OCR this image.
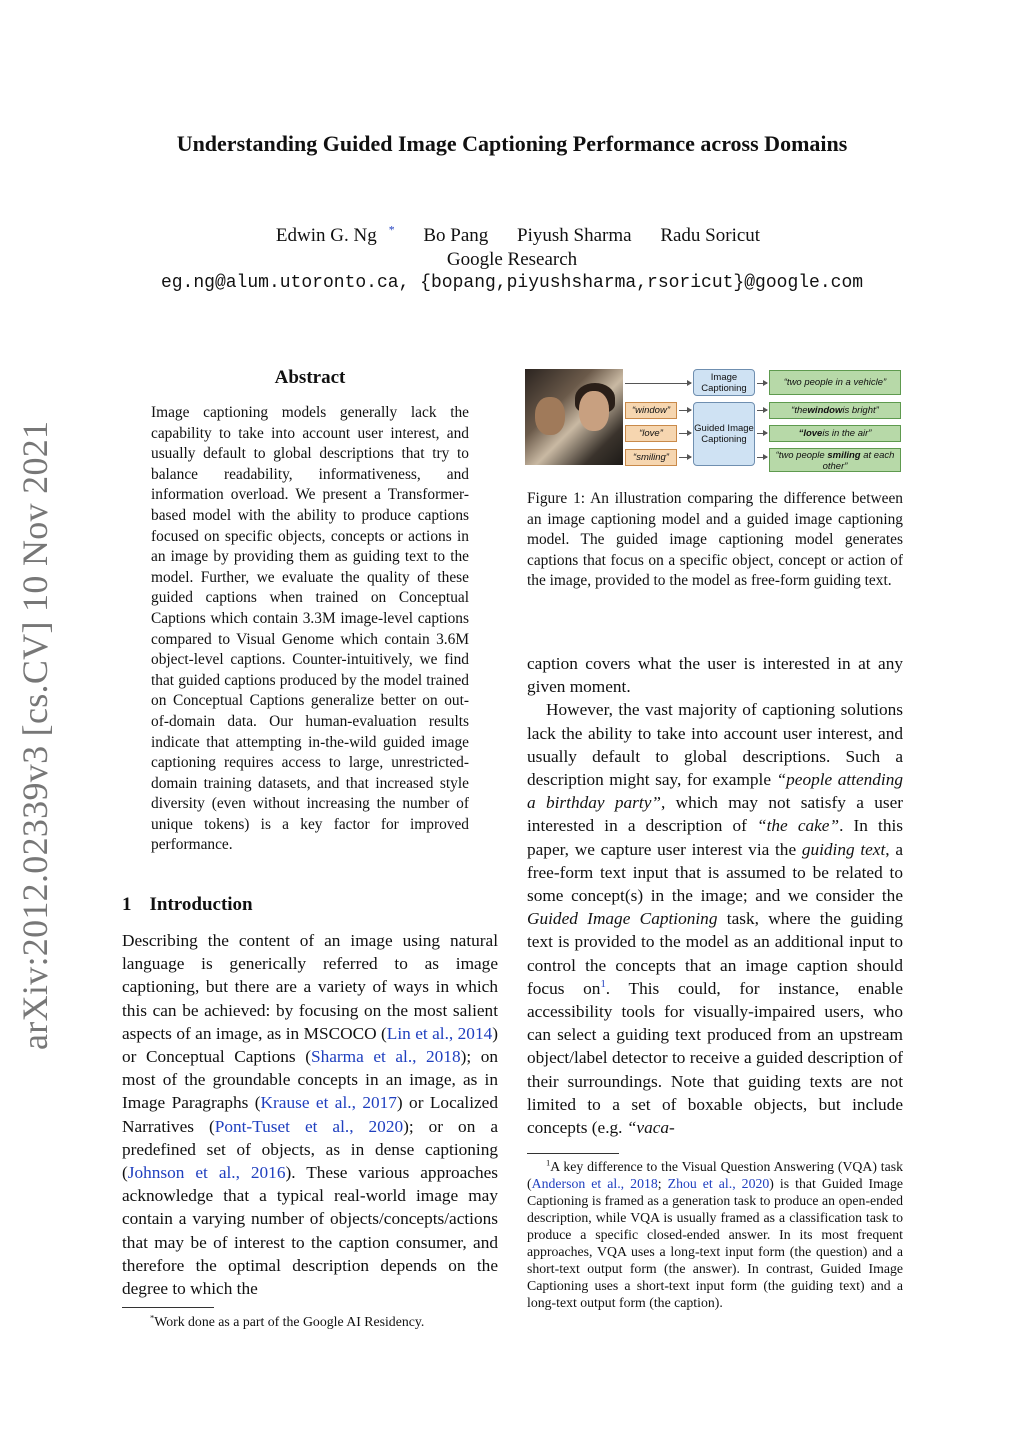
Understanding Guided Image Captioning Performance across Domains
Edwin G. Ng * Bo Pang Piyush Sharma Radu Soricut
Google Research
eg.ng@alum.utoronto.ca, {bopang,piyushsharma,rsoricut}@google.com
arXiv:2012.02339v3 [cs.CV] 10 Nov 2021
Abstract
Image captioning models generally lack the capability to take into account user interest, and usually default to global descriptions that try to balance readability, informativeness, and information overload. We present a Transformer-based model with the ability to produce captions focused on specific objects, concepts or actions in an image by providing them as guiding text to the model. Further, we evaluate the quality of these guided captions when trained on Conceptual Captions which contain 3.3M image-level captions compared to Visual Genome which contain 3.6M object-level captions. Counter-intuitively, we find that guided captions produced by the model trained on Conceptual Captions generalize better on out-of-domain data. Our human-evaluation results indicate that attempting in-the-wild guided image captioning requires access to large, unrestricted-domain training datasets, and that increased style diversity (even without increasing the number of unique tokens) is a key factor for improved performance.
1 Introduction
Describing the content of an image using natural language is generically referred to as image captioning, but there are a variety of ways in which this can be achieved: by focusing on the most salient aspects of an image, as in MSCOCO (Lin et al., 2014) or Conceptual Captions (Sharma et al., 2018); on most of the groundable concepts in an image, as in Image Paragraphs (Krause et al., 2017) or Localized Narratives (Pont-Tuset et al., 2020); or on a predefined set of objects, as in dense captioning (Johnson et al., 2016). These various approaches acknowledge that a typical real-world image may contain a varying number of objects/concepts/actions that may be of interest to the caption consumer, and therefore the optimal description depends on the degree to which the
*Work done as a part of the Google AI Residency.
Image Captioning	“two people in a vehicle”
“window”
“love”
“smiling”
Guided Image Captioning
“the window is bright”
“love is in the air”
“two people smiling at each other”
Figure 1: An illustration comparing the difference between an image captioning model and a guided image captioning model. The guided image captioning model generates captions that focus on a specific object, concept or action of the image, provided to the model as free-form guiding text.

caption covers what the user is interested in at any given moment.

However, the vast majority of captioning solutions lack the ability to take into account user interest, and usually default to global descriptions. Such a description might say, for example “people attending a birthday party”, which may not satisfy a user interested in a description of “the cake”. In this paper, we capture user interest via the guiding text, a free-form text input that is assumed to be related to some concept(s) in the image; and we consider the Guided Image Captioning task, where the guiding text is provided to the model as an additional input to control the concepts that an image caption should focus on$^1$. This could, for instance, enable accessibility tools for visually-impaired users, who can select a guiding text produced from an upstream object/label detector to receive a guided description of their surroundings. Note that guiding texts are not limited to a set of boxable objects, but include concepts (e.g. “vaca-

$^1$A key difference to the Visual Question Answering (VQA) task (Anderson et al., 2018; Zhou et al., 2020) is that Guided Image Captioning is framed as a generation task to produce an open-ended description, while VQA is usually framed as a classification task to produce a specific closed-ended answer. In its most frequent approaches, VQA uses a long-text input form (the question) and a short-text output form (the answer). In contrast, Guided Image Captioning uses a short-text input form (the guiding text) and a long-text output form (the caption).
